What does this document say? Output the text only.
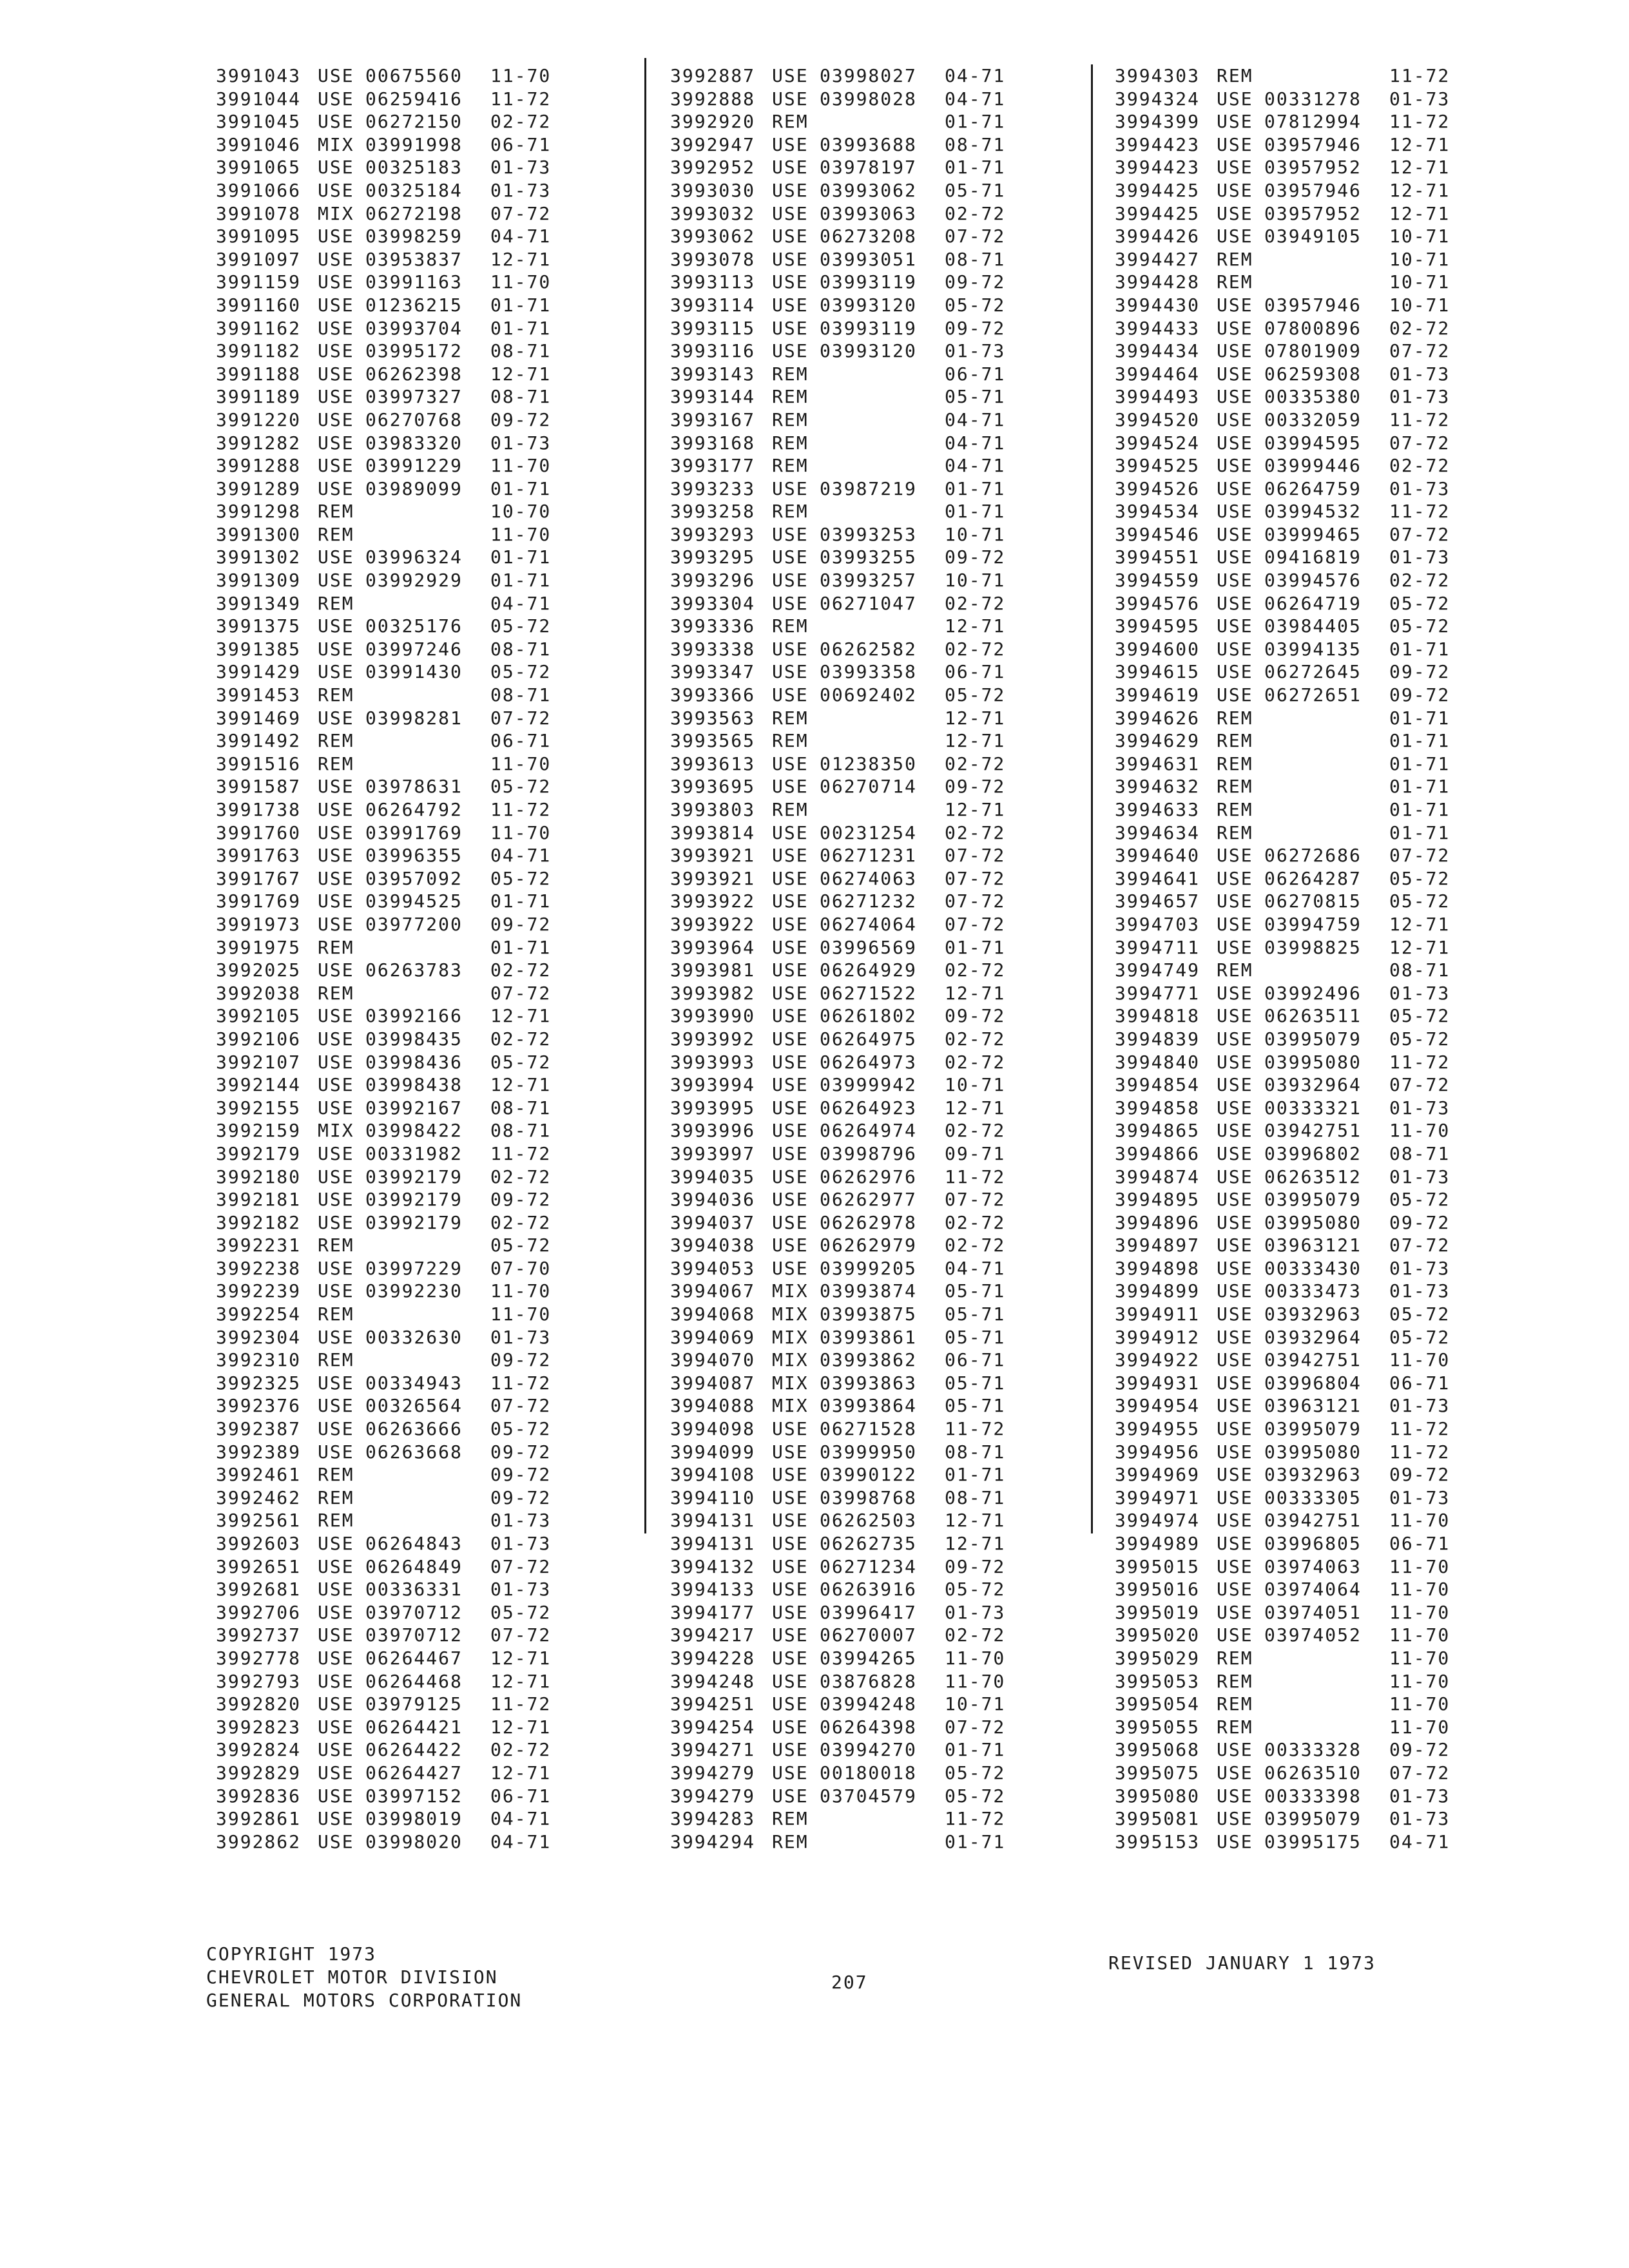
3991043 USE 00675560 11-70
3991044 USE 06259416 11-72
3991045 USE 06272150 02-72
3991046 MIX 03991998 06-71
3991065 USE 00325183 01-73
3991066 USE 00325184 01-73
3991078 MIX 06272198 07-72
3991095 USE 03998259 04-71
3991097 USE 03953837 12-71
3991159 USE 03991163 11-70
3991160 USE 01236215 01-71
3991162 USE 03993704 01-71
3991182 USE 03995172 08-71
3991188 USE 06262398 12-71
3991189 USE 03997327 08-71
3991220 USE 06270768 09-72
3991282 USE 03983320 01-73
3991288 USE 03991229 11-70
3991289 USE 03989099 01-71
3991298 REM	10-70
3991300 REM	11-70
3991302 USE 03996324 01-71
3991309 USE 03992929 01-71
3991349 REM	04-71
3991375 USE 00325176 05-72
3991385 USE 03997246 08-71
3991429 USE 03991430 05-72
3991453 REM	08-71
3991469 USE 03998281 07-72
3991492 REM	06-71
3991516 REM	11-70
3991587 USE 03978631 05-72
3991738 USE 06264792 11-72
3991760 USE 03991769 11-70
3991763 USE 03996355 04-71
3991767 USE 03957092 05-72
3991769 USE 03994525 01-71
3991973 USE 03977200 09-72
3991975 REM	01-71
3992025 USE 06263783 02-72
3992038 REM	07-72
3992105 USE 03992166 12-71
3992106 USE 03998435 02-72
3992107 USE 03998436 05-72
3992144 USE 03998438 12-71
3992155 USE 03992167 08-71
3992159 MIX 03998422 08-71
3992179 USE 00331982 11-72
3992180 USE 03992179 02-72
3992181 USE 03992179 09-72
3992182 USE 03992179 02-72
3992231 REM	05-72
3992238 USE 03997229 07-70
3992239 USE 03992230 11-70
3992254 REM	11-70
3992304 USE 00332630 01-73
3992310 REM	09-72
3992325 USE 00334943 11-72
3992376 USE 00326564 07-72
3992387 USE 06263666 05-72
3992389 USE 06263668 09-72
3992461 REM	09-72
3992462 REM	09-72
3992561 REM	01-73
3992603 USE 06264843 01-73
3992651 USE 06264849 07-72
3992681 USE 00336331 01-73
3992706 USE 03970712 05-72
3992737 USE 03970712 07-72
3992778 USE 06264467 12-71
3992793 USE 06264468 12-71
3992820 USE 03979125 11-72
3992823 USE 06264421 12-71
3992824 USE 06264422 02-72
3992829 USE 06264427 12-71
3992836 USE 03997152 06-71
3992861 USE 03998019 04-71
3992862 USE 03998020 04-71
3992887 USE 03998027 04-71
3992888 USE 03998028 04-71
3992920 REM	01-71
3992947 USE 03993688 08-71
3992952 USE 03978197 01-71
3993030 USE 03993062 05-71
3993032 USE 03993063 02-72
3993062 USE 06273208 07-72
3993078 USE 03993051 08-71
3993113 USE 03993119 09-72
3993114 USE 03993120 05-72
3993115 USE 03993119 09-72
3993116 USE 03993120 01-73
3993143 REM	06-71
3993144 REM	05-71
3993167 REM	04-71
3993168 REM	04-71
3993177 REM	04-71
3993233 USE 03987219 01-71
3993258 REM	01-71
3993293 USE 03993253 10-71
3993295 USE 03993255 09-72
3993296 USE 03993257 10-71
3993304 USE 06271047 02-72
3993336 REM	12-71
3993338 USE 06262582 02-72
3993347 USE 03993358 06-71
3993366 USE 00692402 05-72
3993563 REM	12-71
3993565 REM	12-71
3993613 USE 01238350 02-72
3993695 USE 06270714 09-72
3993803 REM	12-71
3993814 USE 00231254 02-72
3993921 USE 06271231 07-72
3993921 USE 06274063 07-72
3993922 USE 06271232 07-72
3993922 USE 06274064 07-72
3993964 USE 03996569 01-71
3993981 USE 06264929 02-72
3993982 USE 06271522 12-71
3993990 USE 06261802 09-72
3993992 USE 06264975 02-72
3993993 USE 06264973 02-72
3993994 USE 03999942 10-71
3993995 USE 06264923 12-71
3993996 USE 06264974 02-72
3993997 USE 03998796 09-71
3994035 USE 06262976 11-72
3994036 USE 06262977 07-72
3994037 USE 06262978 02-72
3994038 USE 06262979 02-72
3994053 USE 03999205 04-71
3994067 MIX 03993874 05-71
3994068 MIX 03993875 05-71
3994069 MIX 03993861 05-71
3994070 MIX 03993862 06-71
3994087 MIX 03993863 05-71
3994088 MIX 03993864 05-71
3994098 USE 06271528 11-72
3994099 USE 03999950 08-71
3994108 USE 03990122 01-71
3994110 USE 03998768 08-71
3994131 USE 06262503 12-71
3994131 USE 06262735 12-71
3994132 USE 06271234 09-72
3994133 USE 06263916 05-72
3994177 USE 03996417 01-73
3994217 USE 06270007 02-72
3994228 USE 03994265 11-70
3994248 USE 03876828 11-70
3994251 USE 03994248 10-71
3994254 USE 06264398 07-72
3994271 USE 03994270 01-71
3994279 USE 00180018 05-72
3994279 USE 03704579 05-72
3994283 REM	11-72
3994294 REM	01-71
3994303 REM	11-72
3994324 USE 00331278 01-73
3994399 USE 07812994 11-72
3994423 USE 03957946 12-71
3994423 USE 03957952 12-71
3994425 USE 03957946 12-71
3994425 USE 03957952 12-71
3994426 USE 03949105 10-71
3994427 REM	10-71
3994428 REM	10-71
3994430 USE 03957946 10-71
3994433 USE 07800896 02-72
3994434 USE 07801909 07-72
3994464 USE 06259308 01-73
3994493 USE 00335380 01-73
3994520 USE 00332059 11-72
3994524 USE 03994595 07-72
3994525 USE 03999446 02-72
3994526 USE 06264759 01-73
3994534 USE 03994532 11-72
3994546 USE 03999465 07-72
3994551 USE 09416819 01-73
3994559 USE 03994576 02-72
3994576 USE 06264719 05-72
3994595 USE 03984405 05-72
3994600 USE 03994135 01-71
3994615 USE 06272645 09-72
3994619 USE 06272651 09-72
3994626 REM	01-71
3994629 REM	01-71
3994631 REM	01-71
3994632 REM	01-71
3994633 REM	01-71
3994634 REM	01-71
3994640 USE 06272686 07-72
3994641 USE 06264287 05-72
3994657 USE 06270815 05-72
3994703 USE 03994759 12-71
3994711 USE 03998825 12-71
3994749 REM	08-71
3994771 USE 03992496 01-73
3994818 USE 06263511 05-72
3994839 USE 03995079 05-72
3994840 USE 03995080 11-72
3994854 USE 03932964 07-72
3994858 USE 00333321 01-73
3994865 USE 03942751 11-70
3994866 USE 03996802 08-71
3994874 USE 06263512 01-73
3994895 USE 03995079 05-72
3994896 USE 03995080 09-72
3994897 USE 03963121 07-72
3994898 USE 00333430 01-73
3994899 USE 00333473 01-73
3994911 USE 03932963 05-72
3994912 USE 03932964 05-72
3994922 USE 03942751 11-70
3994931 USE 03996804 06-71
3994954 USE 03963121 01-73
3994955 USE 03995079 11-72
3994956 USE 03995080 11-72
3994969 USE 03932963 09-72
3994971 USE 00333305 01-73
3994974 USE 03942751 11-70
3994989 USE 03996805 06-71
3995015 USE 03974063 11-70
3995016 USE 03974064 11-70
3995019 USE 03974051 11-70
3995020 USE 03974052 11-70
3995029 REM	11-70
3995053 REM	11-70
3995054 REM	11-70
3995055 REM	11-70
3995068 USE 00333328 09-72
3995075 USE 06263510 07-72
3995080 USE 00333398 01-73
3995081 USE 03995079 01-73
3995153 USE 03995175 04-71
COPYRIGHT 1973
CHEVROLET MOTOR DIVISION
GENERAL MOTORS CORPORATION
207
REVISED JANUARY 1 1973
